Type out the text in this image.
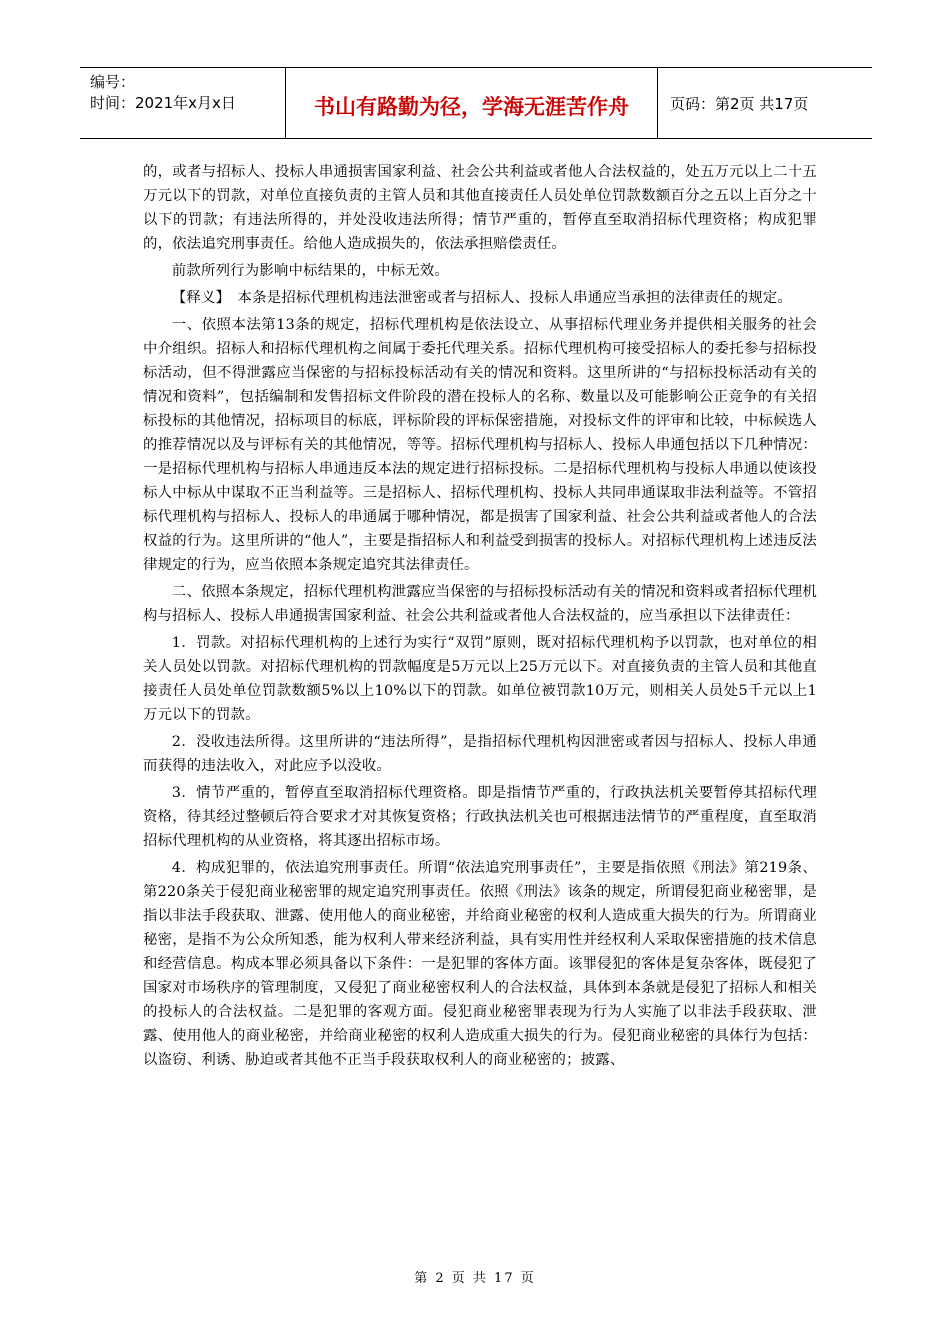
编号：
时间：2021年x月x日	书山有路勤为径，学海无涯苦作舟	页码：第2页 共17页

的，或者与招标人、投标人串通损害国家利益、社会公共利益或者他人合法权益的，处五万元以上二十五万元以下的罚款，对单位直接负责的主管人员和其他直接责任人员处单位罚款数额百分之五以上百分之十以下的罚款；有违法所得的，并处没收违法所得；情节严重的，暂停直至取消招标代理资格；构成犯罪的，依法追究刑事责任。给他人造成损失的，依法承担赔偿责任。

前款所列行为影响中标结果的，中标无效。

【释义】　本条是招标代理机构违法泄密或者与招标人、投标人串通应当承担的法律责任的规定。

一、依照本法第13条的规定，招标代理机构是依法设立、从事招标代理业务并提供相关服务的社会中介组织。招标人和招标代理机构之间属于委托代理关系。招标代理机构可接受招标人的委托参与招标投标活动，但不得泄露应当保密的与招标投标活动有关的情况和资料。这里所讲的“与招标投标活动有关的情况和资料”，包括编制和发售招标文件阶段的潜在投标人的名称、数量以及可能影响公正竞争的有关招标投标的其他情况，招标项目的标底，评标阶段的评标保密措施，对投标文件的评审和比较，中标候选人的推荐情况以及与评标有关的其他情况，等等。招标代理机构与招标人、投标人串通包括以下几种情况：一是招标代理机构与招标人串通违反本法的规定进行招标投标。二是招标代理机构与投标人串通以使该投标人中标从中谋取不正当利益等。三是招标人、招标代理机构、投标人共同串通谋取非法利益等。不管招标代理机构与招标人、投标人的串通属于哪种情况，都是损害了国家利益、社会公共利益或者他人的合法权益的行为。这里所讲的“他人”，主要是指招标人和利益受到损害的投标人。对招标代理机构上述违反法律规定的行为，应当依照本条规定追究其法律责任。

二、依照本条规定，招标代理机构泄露应当保密的与招标投标活动有关的情况和资料或者招标代理机构与招标人、投标人串通损害国家利益、社会公共利益或者他人合法权益的，应当承担以下法律责任：

1．罚款。对招标代理机构的上述行为实行“双罚”原则，既对招标代理机构予以罚款，也对单位的相关人员处以罚款。对招标代理机构的罚款幅度是5万元以上25万元以下。对直接负责的主管人员和其他直接责任人员处单位罚款数额5%以上10%以下的罚款。如单位被罚款10万元，则相关人员处5千元以上1万元以下的罚款。

2．没收违法所得。这里所讲的“违法所得”，是指招标代理机构因泄密或者因与招标人、投标人串通而获得的违法收入，对此应予以没收。

3．情节严重的，暂停直至取消招标代理资格。即是指情节严重的，行政执法机关要暂停其招标代理资格，待其经过整顿后符合要求才对其恢复资格；行政执法机关也可根据违法情节的严重程度，直至取消招标代理机构的从业资格，将其逐出招标市场。

4．构成犯罪的，依法追究刑事责任。所谓“依法追究刑事责任”，主要是指依照《刑法》第219条、第220条关于侵犯商业秘密罪的规定追究刑事责任。依照《刑法》该条的规定，所谓侵犯商业秘密罪，是指以非法手段获取、泄露、使用他人的商业秘密，并给商业秘密的权利人造成重大损失的行为。所谓商业秘密，是指不为公众所知悉，能为权利人带来经济利益，具有实用性并经权利人采取保密措施的技术信息和经营信息。构成本罪必须具备以下条件：一是犯罪的客体方面。该罪侵犯的客体是复杂客体，既侵犯了国家对市场秩序的管理制度，又侵犯了商业秘密权利人的合法权益，具体到本条就是侵犯了招标人和相关的投标人的合法权益。二是犯罪的客观方面。侵犯商业秘密罪表现为行为人实施了以非法手段获取、泄露、使用他人的商业秘密，并给商业秘密的权利人造成重大损失的行为。侵犯商业秘密的具体行为包括：以盗窃、利诱、胁迫或者其他不正当手段获取权利人的商业秘密的；披露、

第 2 页 共 17 页
